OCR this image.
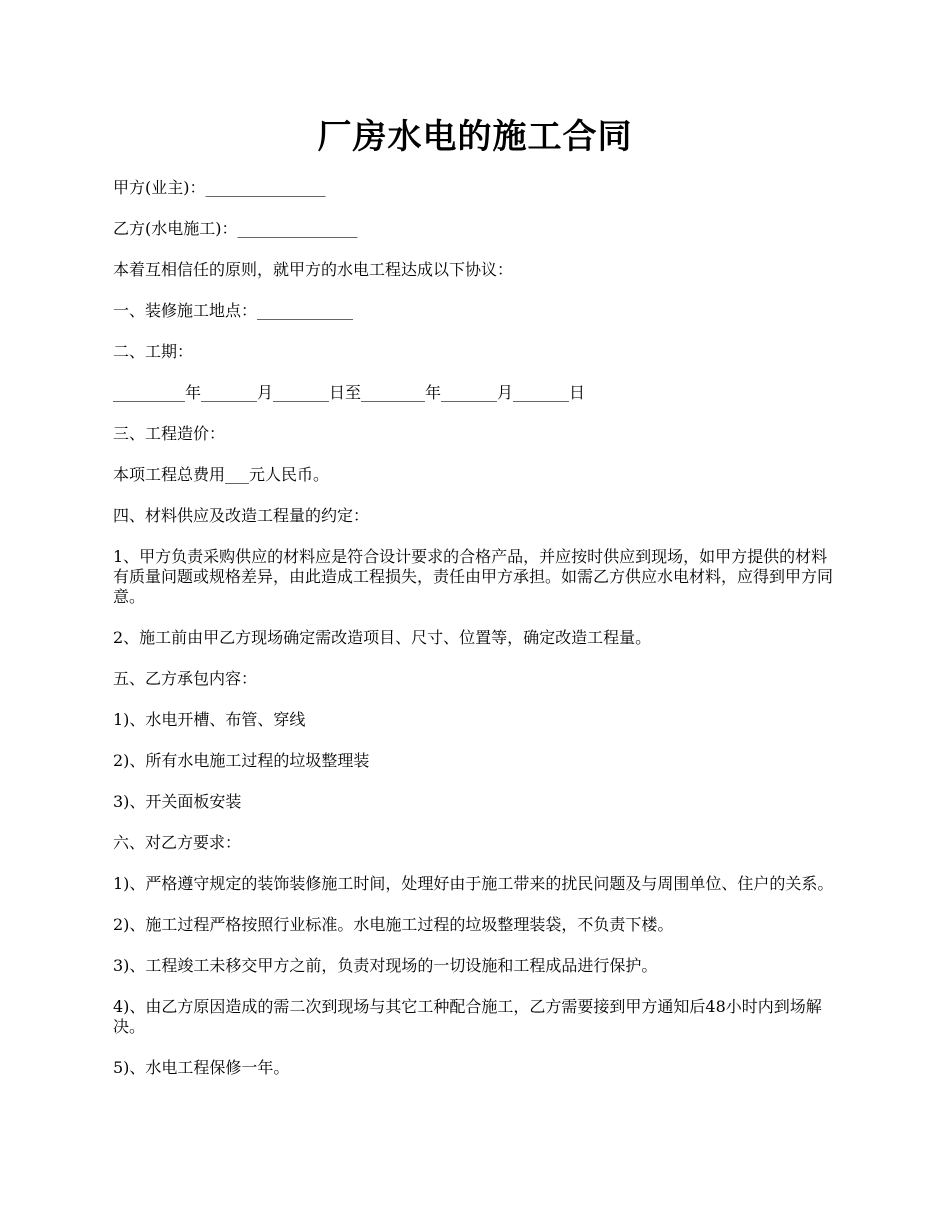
厂房水电的施工合同

甲方(业主)：_______________

乙方(水电施工)：_______________

本着互相信任的原则，就甲方的水电工程达成以下协议：

一、装修施工地点：____________

二、工期：

_________年_______月_______日至________年_______月_______日

三、工程造价：

本项工程总费用___元人民币。

四、材料供应及改造工程量的约定：

1、甲方负责采购供应的材料应是符合设计要求的合格产品，并应按时供应到现场，如甲方提供的材料有质量问题或规格差异，由此造成工程损失，责任由甲方承担。如需乙方供应水电材料，应得到甲方同意。

2、施工前由甲乙方现场确定需改造项目、尺寸、位置等，确定改造工程量。

五、乙方承包内容：

1)、水电开槽、布管、穿线

2)、所有水电施工过程的垃圾整理装

3)、开关面板安装

六、对乙方要求：

1)、严格遵守规定的装饰装修施工时间，处理好由于施工带来的扰民问题及与周围单位、住户的关系。

2)、施工过程严格按照行业标准。水电施工过程的垃圾整理装袋，不负责下楼。

3)、工程竣工未移交甲方之前，负责对现场的一切设施和工程成品进行保护。

4)、由乙方原因造成的需二次到现场与其它工种配合施工，乙方需要接到甲方通知后48小时内到场解决。

5)、水电工程保修一年。
